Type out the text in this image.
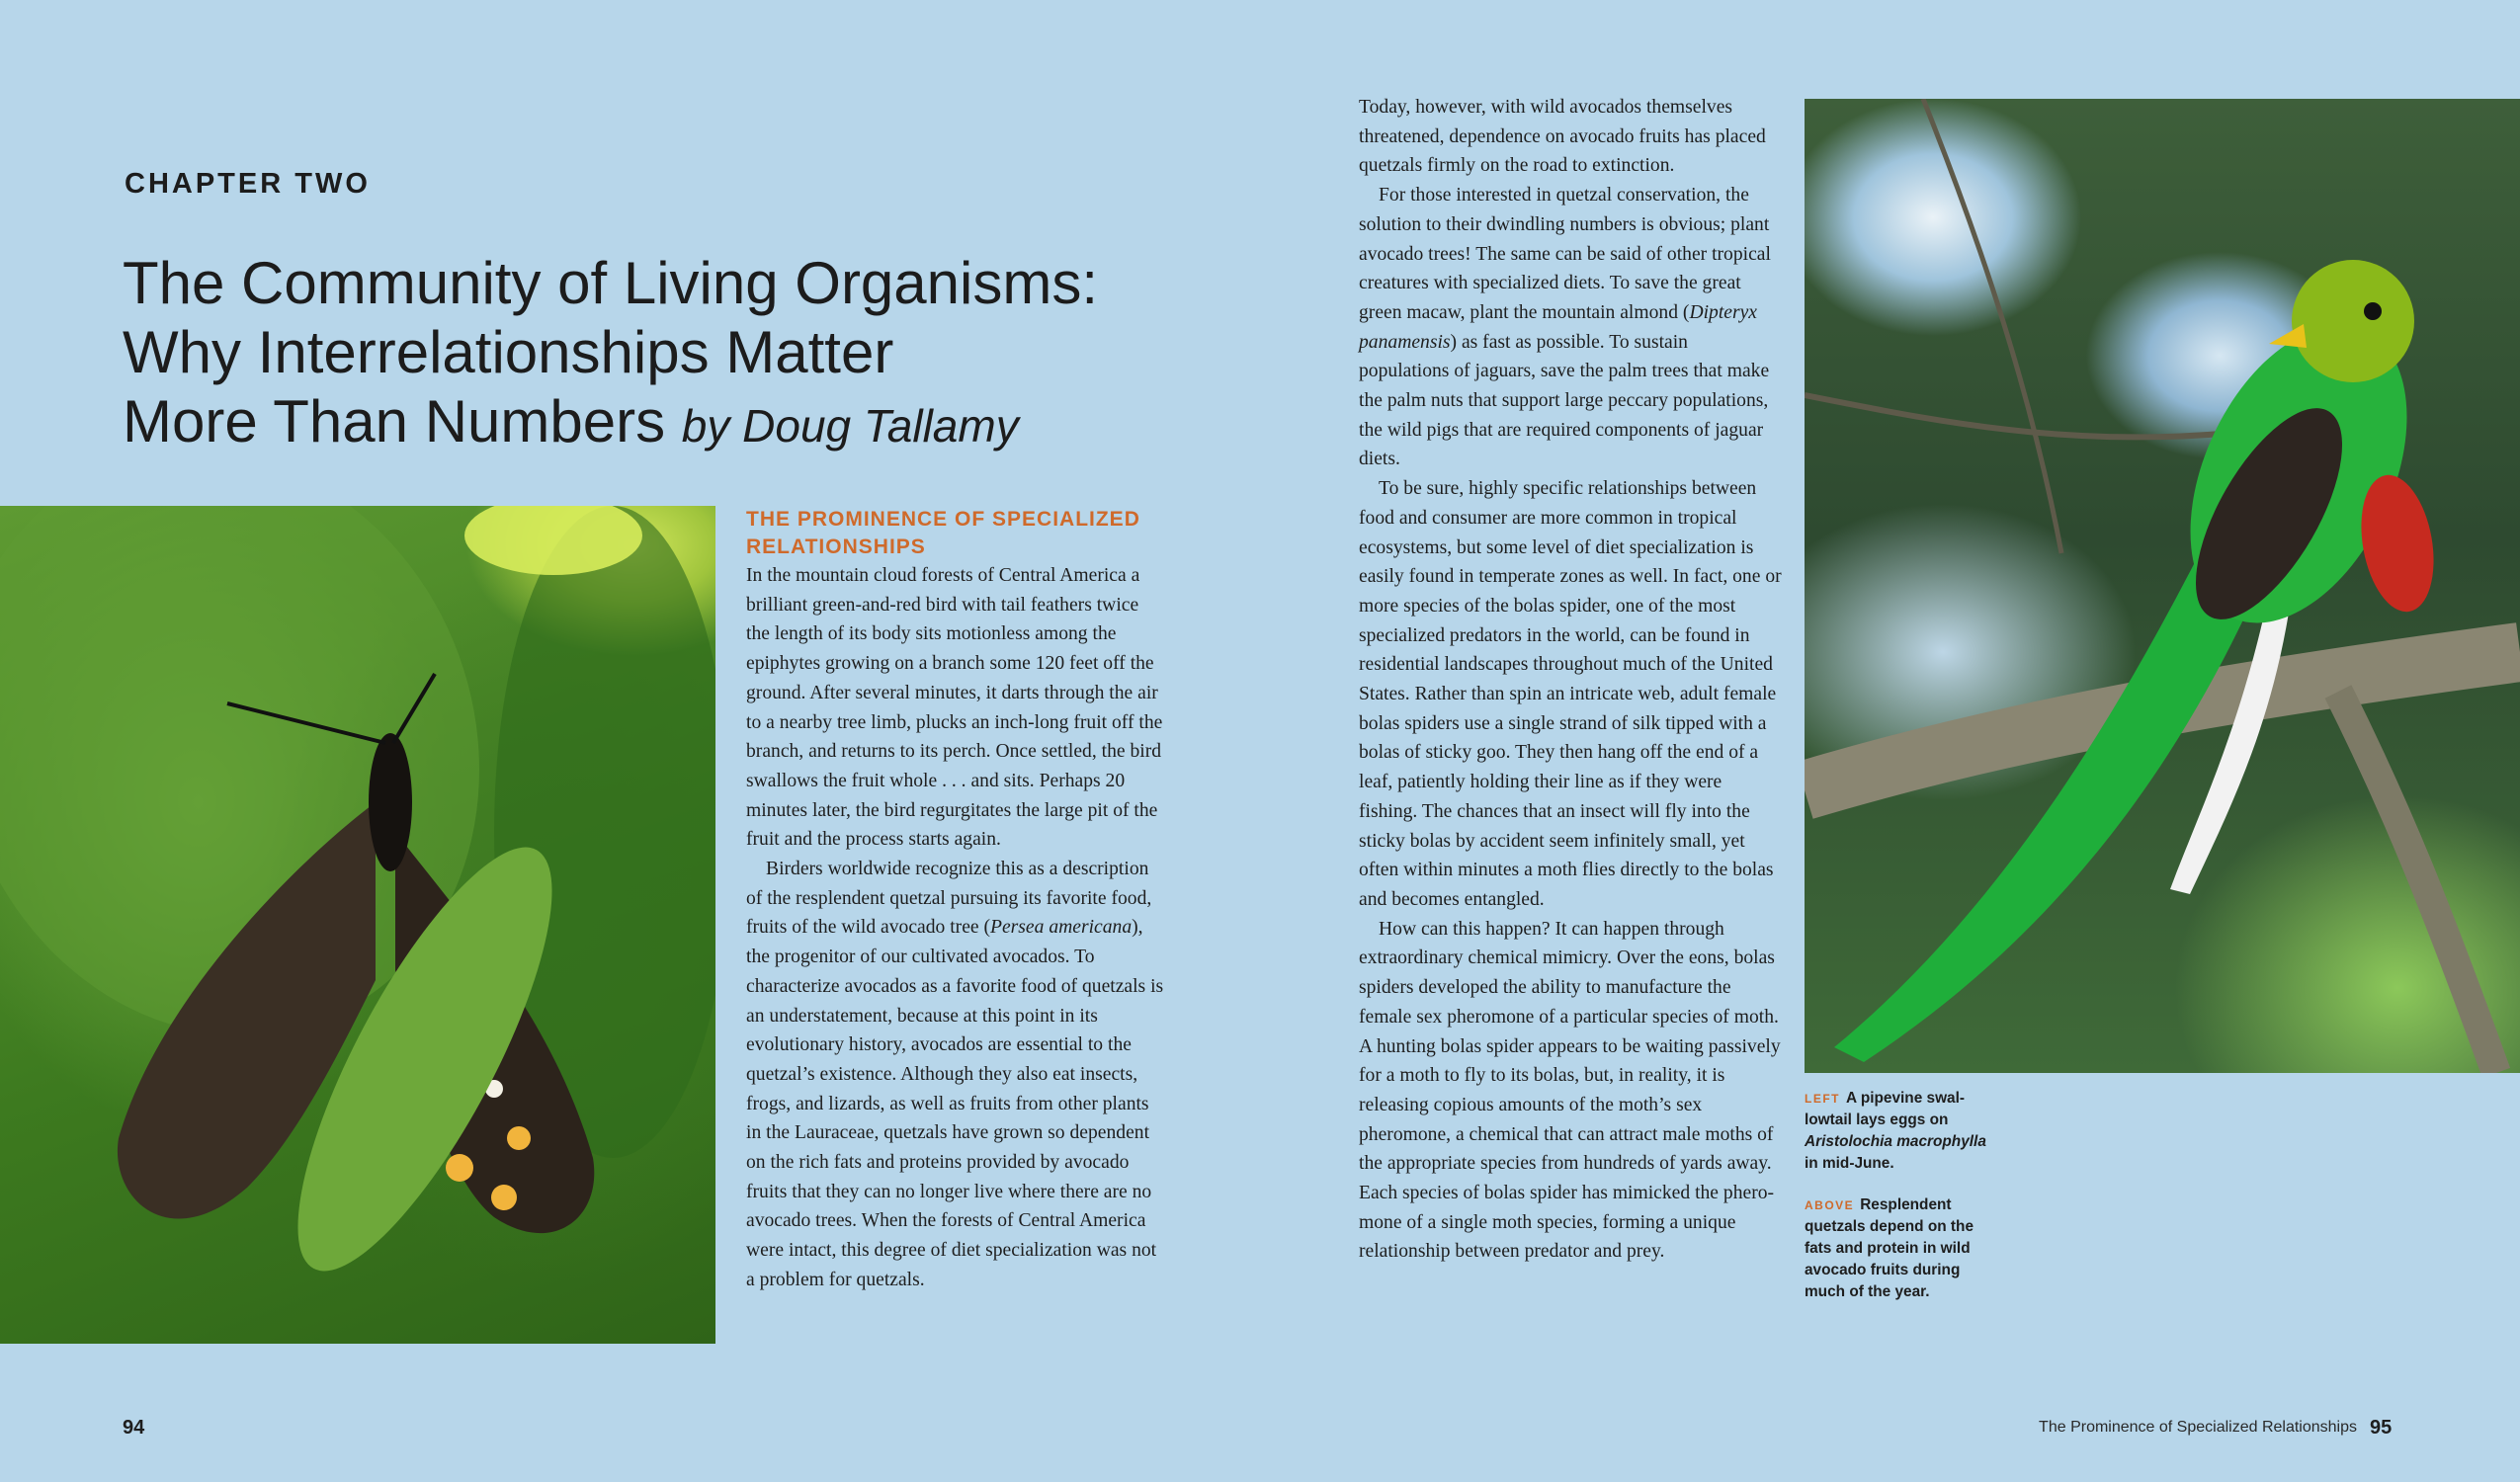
CHAPTER TWO
The Community of Living Organisms:
Why Interrelationships Matter
More Than Numbers by Doug Tallamy
THE PROMINENCE OF SPECIALIZED RELATIONSHIPS

In the mountain cloud forests of Central America a brilliant green-and-red bird with tail feathers twice the length of its body sits motionless among the epiphytes growing on a branch some 120 feet off the ground. After several minutes, it darts through the air to a nearby tree limb, plucks an inch-long fruit off the branch, and returns to its perch. Once settled, the bird swallows the fruit whole . . . and sits. Perhaps 20 minutes later, the bird regurgitates the large pit of the fruit and the process starts again.

Birders worldwide recognize this as a description of the resplendent quetzal pursuing its favorite food, fruits of the wild avocado tree (Persea americana), the progenitor of our cultivated avocados. To characterize avocados as a favorite food of quetzals is an understatement, because at this point in its evolutionary history, avocados are essential to the quetzal’s existence. Although they also eat insects, frogs, and lizards, as well as fruits from other plants in the Lauraceae, quetzals have grown so dependent on the rich fats and proteins provided by avocado fruits that they can no longer live where there are no avocado trees. When the forests of Central America were intact, this degree of diet specialization was not a problem for quetzals.

Today, however, with wild avocados themselves threatened, dependence on avocado fruits has placed quetzals firmly on the road to extinction.

For those interested in quetzal conservation, the solution to their dwindling numbers is obvious; plant avocado trees! The same can be said of other tropical creatures with specialized diets. To save the great green macaw, plant the mountain almond (Dipteryx panamensis) as fast as possible. To sustain populations of jaguars, save the palm trees that make the palm nuts that support large peccary populations, the wild pigs that are required components of jaguar diets.

To be sure, highly specific relationships between food and consumer are more common in tropical ecosystems, but some level of diet specialization is easily found in temperate zones as well. In fact, one or more species of the bolas spider, one of the most specialized predators in the world, can be found in residential landscapes throughout much of the United States. Rather than spin an intricate web, adult female bolas spiders use a single strand of silk tipped with a bolas of sticky goo. They then hang off the end of a leaf, patiently holding their line as if they were fishing. The chances that an insect will fly into the sticky bolas by accident seem infinitely small, yet often within minutes a moth flies directly to the bolas and becomes entangled.

How can this happen? It can happen through extraordinary chemical mimicry. Over the eons, bolas spiders developed the ability to manufacture the female sex pheromone of a particular species of moth. A hunting bolas spider appears to be waiting passively for a moth to fly to its bolas, but, in reality, it is releasing copious amounts of the moth’s sex pheromone, a chemical that can attract male moths of the appropriate species from hundreds of yards away. Each species of bolas spider has mimicked the pheromone of a single moth species, forming a unique relationship between predator and prey.

LEFT A pipevine swallowtail lays eggs on Aristolochia macrophylla in mid-June.
ABOVE Resplendent quetzals depend on the fats and protein in wild avocado fruits during much of the year.
94	The Prominence of Specialized Relationships 95
